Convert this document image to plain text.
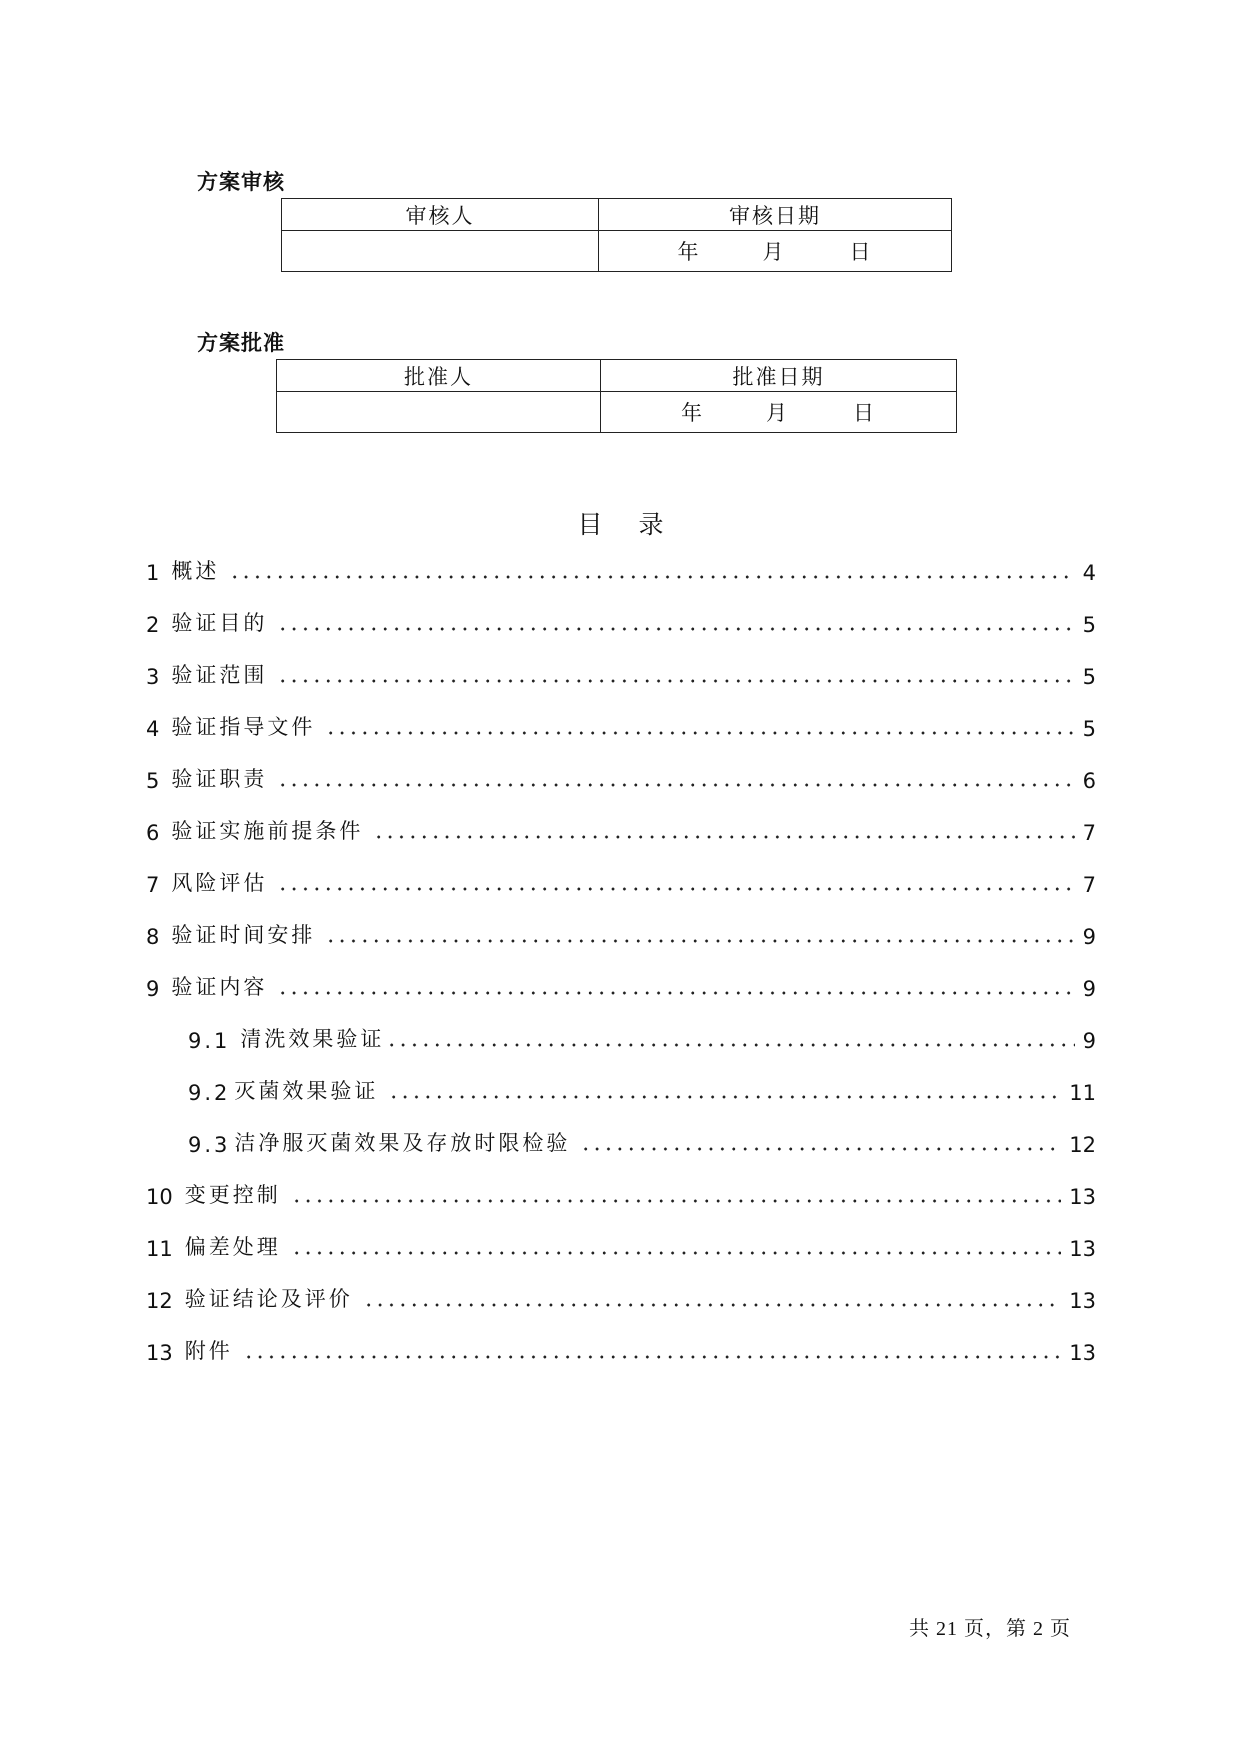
方案审核
审核人	审核日期
	年 月 日
方案批准
批准人	批准日期
	年 月 日
目 录
1 概述	4
2 验证目的	5
3 验证范围	5
4 验证指导文件	5
5 验证职责	6
6 验证实施前提条件	7
7 风险评估	7
8 验证时间安排	9
9 验证内容	9
9.1 清洗效果验证	9
9.2 灭菌效果验证	11
9.3 洁净服灭菌效果及存放时限检验	12
10 变更控制	13
11 偏差处理	13
12 验证结论及评价	13
13 附件	13
共 21 页，第 2 页
